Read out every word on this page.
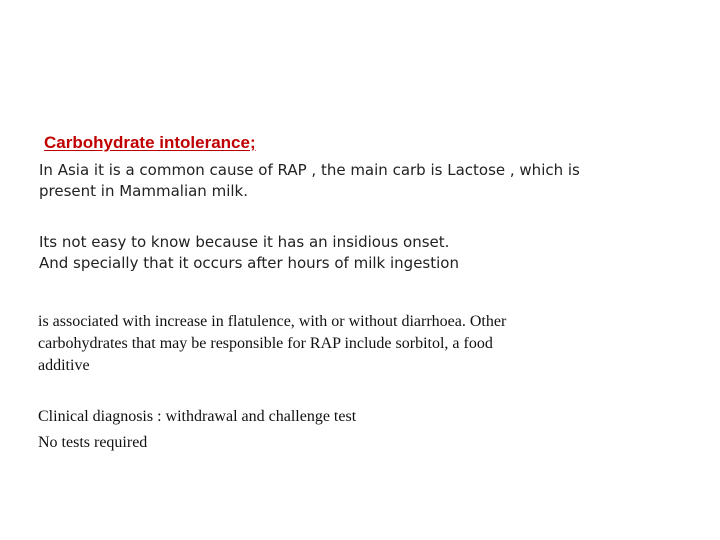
Carbohydrate intolerance;
In Asia it is a common cause of RAP , the main carb is Lactose , which is
present in Mammalian milk.
Its not easy to know because it has an insidious onset.
And specially that it occurs after hours of milk ingestion
is associated with increase in flatulence, with or without diarrhoea. Other
carbohydrates that may be responsible for RAP include sorbitol, a food
additive
Clinical diagnosis : withdrawal and challenge test
No tests required
